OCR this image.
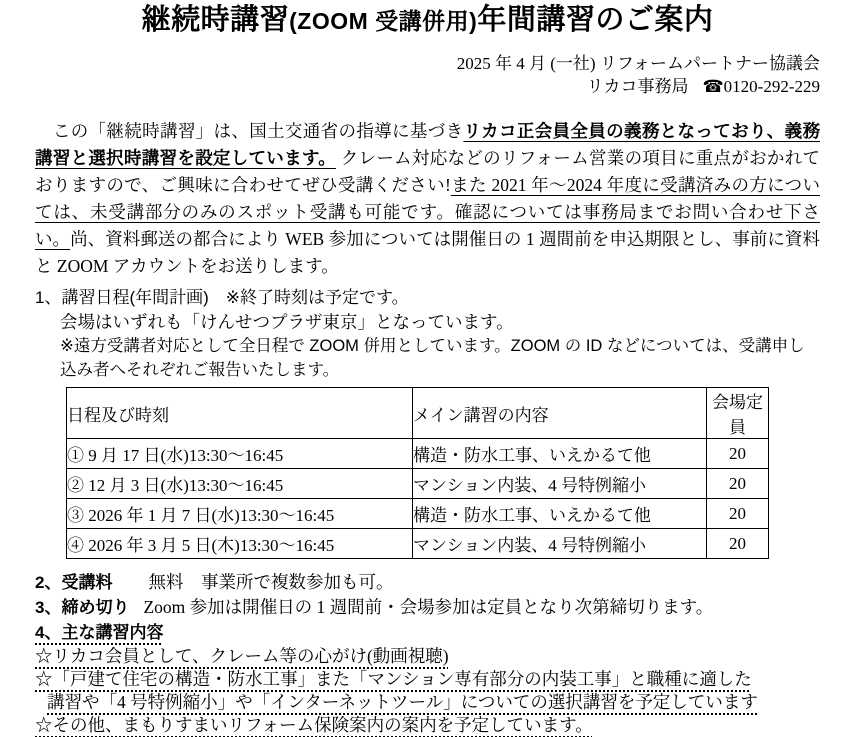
継続時講習(ZOOM 受講併用)年間講習のご案内
2025 年 4 月 (一社) リフォームパートナー協議会
リカコ事務局 ☎0120-292-229

　この「継続時講習」は、国土交通省の指導に基づきリカコ正会員全員の義務となっており、義務講習と選択時講習を設定しています。 クレーム対応などのリフォーム営業の項目に重点がおかれておりますので、ご興味に合わせてぜひ受講ください!また 2021 年〜2024 年度に受講済みの方については、未受講部分のみのスポット受講も可能です。確認については事務局までお問い合わせ下さい。尚、資料郵送の都合により WEB 参加については開催日の 1 週間前を申込期限とし、事前に資料と ZOOM アカウントをお送りします。

1、講習日程(年間計画)　※終了時刻は予定です。
会場はいずれも「けんせつプラザ東京」となっています。
※遠方受講者対応として全日程で ZOOM 併用としています。ZOOM の ID などについては、受講申し込み者へそれぞれご報告いたします。
日程及び時刻	メイン講習の内容	会場定員
① 9 月 17 日(水)13:30〜16:45	構造・防水工事、いえかるて他	20
② 12 月 3 日(水)13:30〜16:45	マンション内装、4 号特例縮小	20
③ 2026 年 1 月 7 日(水)13:30〜16:45	構造・防水工事、いえかるて他	20
④ 2026 年 3 月 5 日(木)13:30〜16:45	マンション内装、4 号特例縮小	20
2、受講料 無料　事業所で複数参加も可。
3、締め切り Zoom 参加は開催日の 1 週間前・会場参加は定員となり次第締切ります。
4、主な講習内容
☆リカコ会員として、クレーム等の心がけ(動画視聴)
☆「戸建て住宅の構造・防水工事」また「マンション専有部分の内装工事」と職種に適した
講習や「4 号特例縮小」や「インターネットツール」についての選択講習を予定しています
☆その他、まもりすまいリフォーム保険案内の案内を予定しています。
